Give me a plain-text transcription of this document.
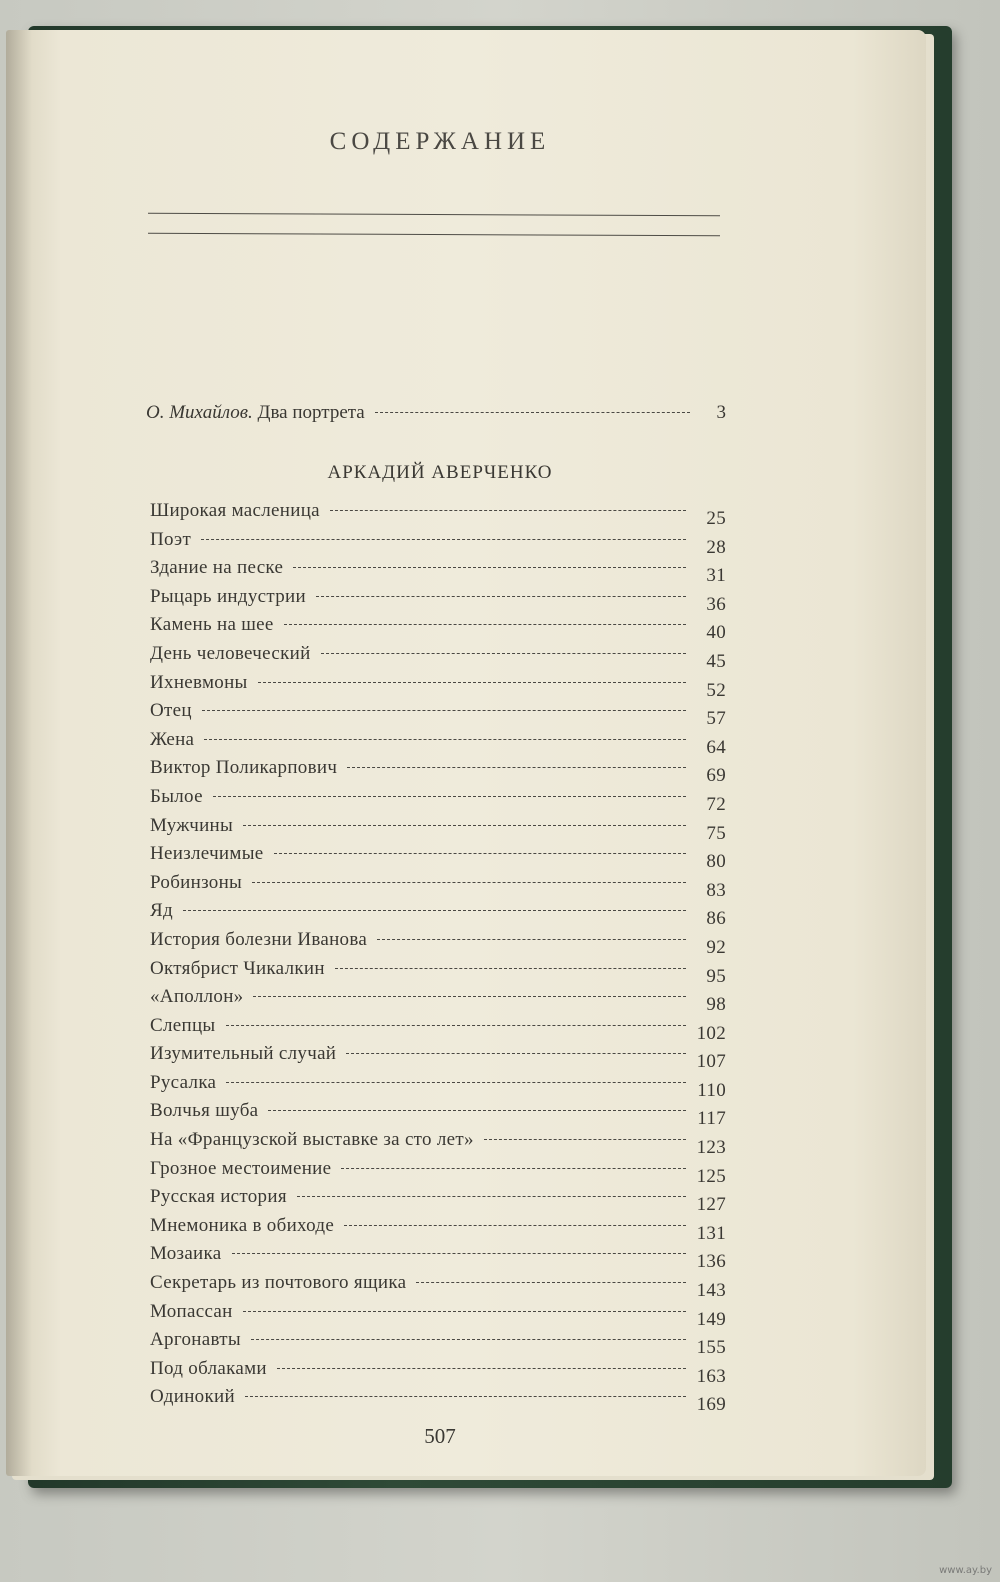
СОДЕРЖАНИЕ
О. Михайлов. Два портрета	3
АРКАДИЙ АВЕРЧЕНКО
Широкая масленица	25
Поэт	28
Здание на песке	31
Рыцарь индустрии	36
Камень на шее	40
День человеческий	45
Ихневмоны	52
Отец	57
Жена	64
Виктор Поликарпович	69
Былое	72
Мужчины	75
Неизлечимые	80
Робинзоны	83
Яд	86
История болезни Иванова	92
Октябрист Чикалкин	95
«Аполлон»	98
Слепцы	102
Изумительный случай	107
Русалка	110
Волчья шуба	117
На «Французской выставке за сто лет»	123
Грозное местоимение	125
Русская история	127
Мнемоника в обиходе	131
Мозаика	136
Секретарь из почтового ящика	143
Мопассан	149
Аргонавты	155
Под облаками	163
Одинокий	169
507
www.ay.by
